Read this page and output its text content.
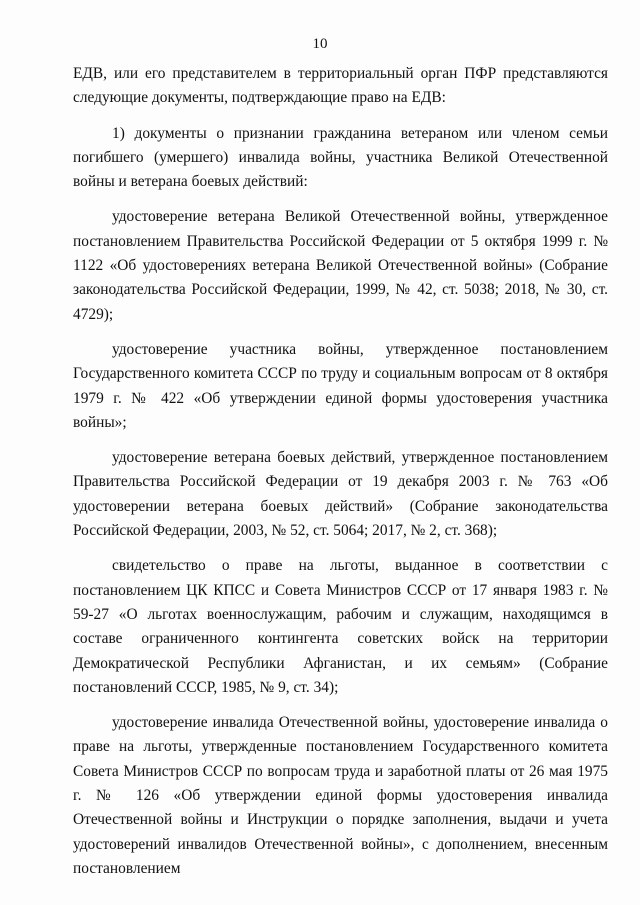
10

ЕДВ, или его представителем в территориальный орган ПФР представляются следующие документы, подтверждающие право на ЕДВ:

1) документы о признании гражданина ветераном или членом семьи погибшего (умершего) инвалида войны, участника Великой Отечественной войны и ветерана боевых действий:

удостоверение ветерана Великой Отечественной войны, утвержденное постановлением Правительства Российской Федерации от 5 октября 1999 г. № 1122 «Об удостоверениях ветерана Великой Отечественной войны» (Собрание законодательства Российской Федерации, 1999, № 42, ст. 5038; 2018, № 30, ст. 4729);

удостоверение участника войны, утвержденное постановлением Государственного комитета СССР по труду и социальным вопросам от 8 октября 1979 г. № 422 «Об утверждении единой формы удостоверения участника войны»;

удостоверение ветерана боевых действий, утвержденное постановлением Правительства Российской Федерации от 19 декабря 2003 г. № 763 «Об удостоверении ветерана боевых действий» (Собрание законодательства Российской Федерации, 2003, № 52, ст. 5064; 2017, № 2, ст. 368);

свидетельство о праве на льготы, выданное в соответствии с постановлением ЦК КПСС и Совета Министров СССР от 17 января 1983 г. № 59-27 «О льготах военнослужащим, рабочим и служащим, находящимся в составе ограниченного контингента советских войск на территории Демократической Республики Афганистан, и их семьям» (Собрание постановлений СССР, 1985, № 9, ст. 34);

удостоверение инвалида Отечественной войны, удостоверение инвалида о праве на льготы, утвержденные постановлением Государственного комитета Совета Министров СССР по вопросам труда и заработной платы от 26 мая 1975 г. № 126 «Об утверждении единой формы удостоверения инвалида Отечественной войны и Инструкции о порядке заполнения, выдачи и учета удостоверений инвалидов Отечественной войны», с дополнением, внесенным постановлением
